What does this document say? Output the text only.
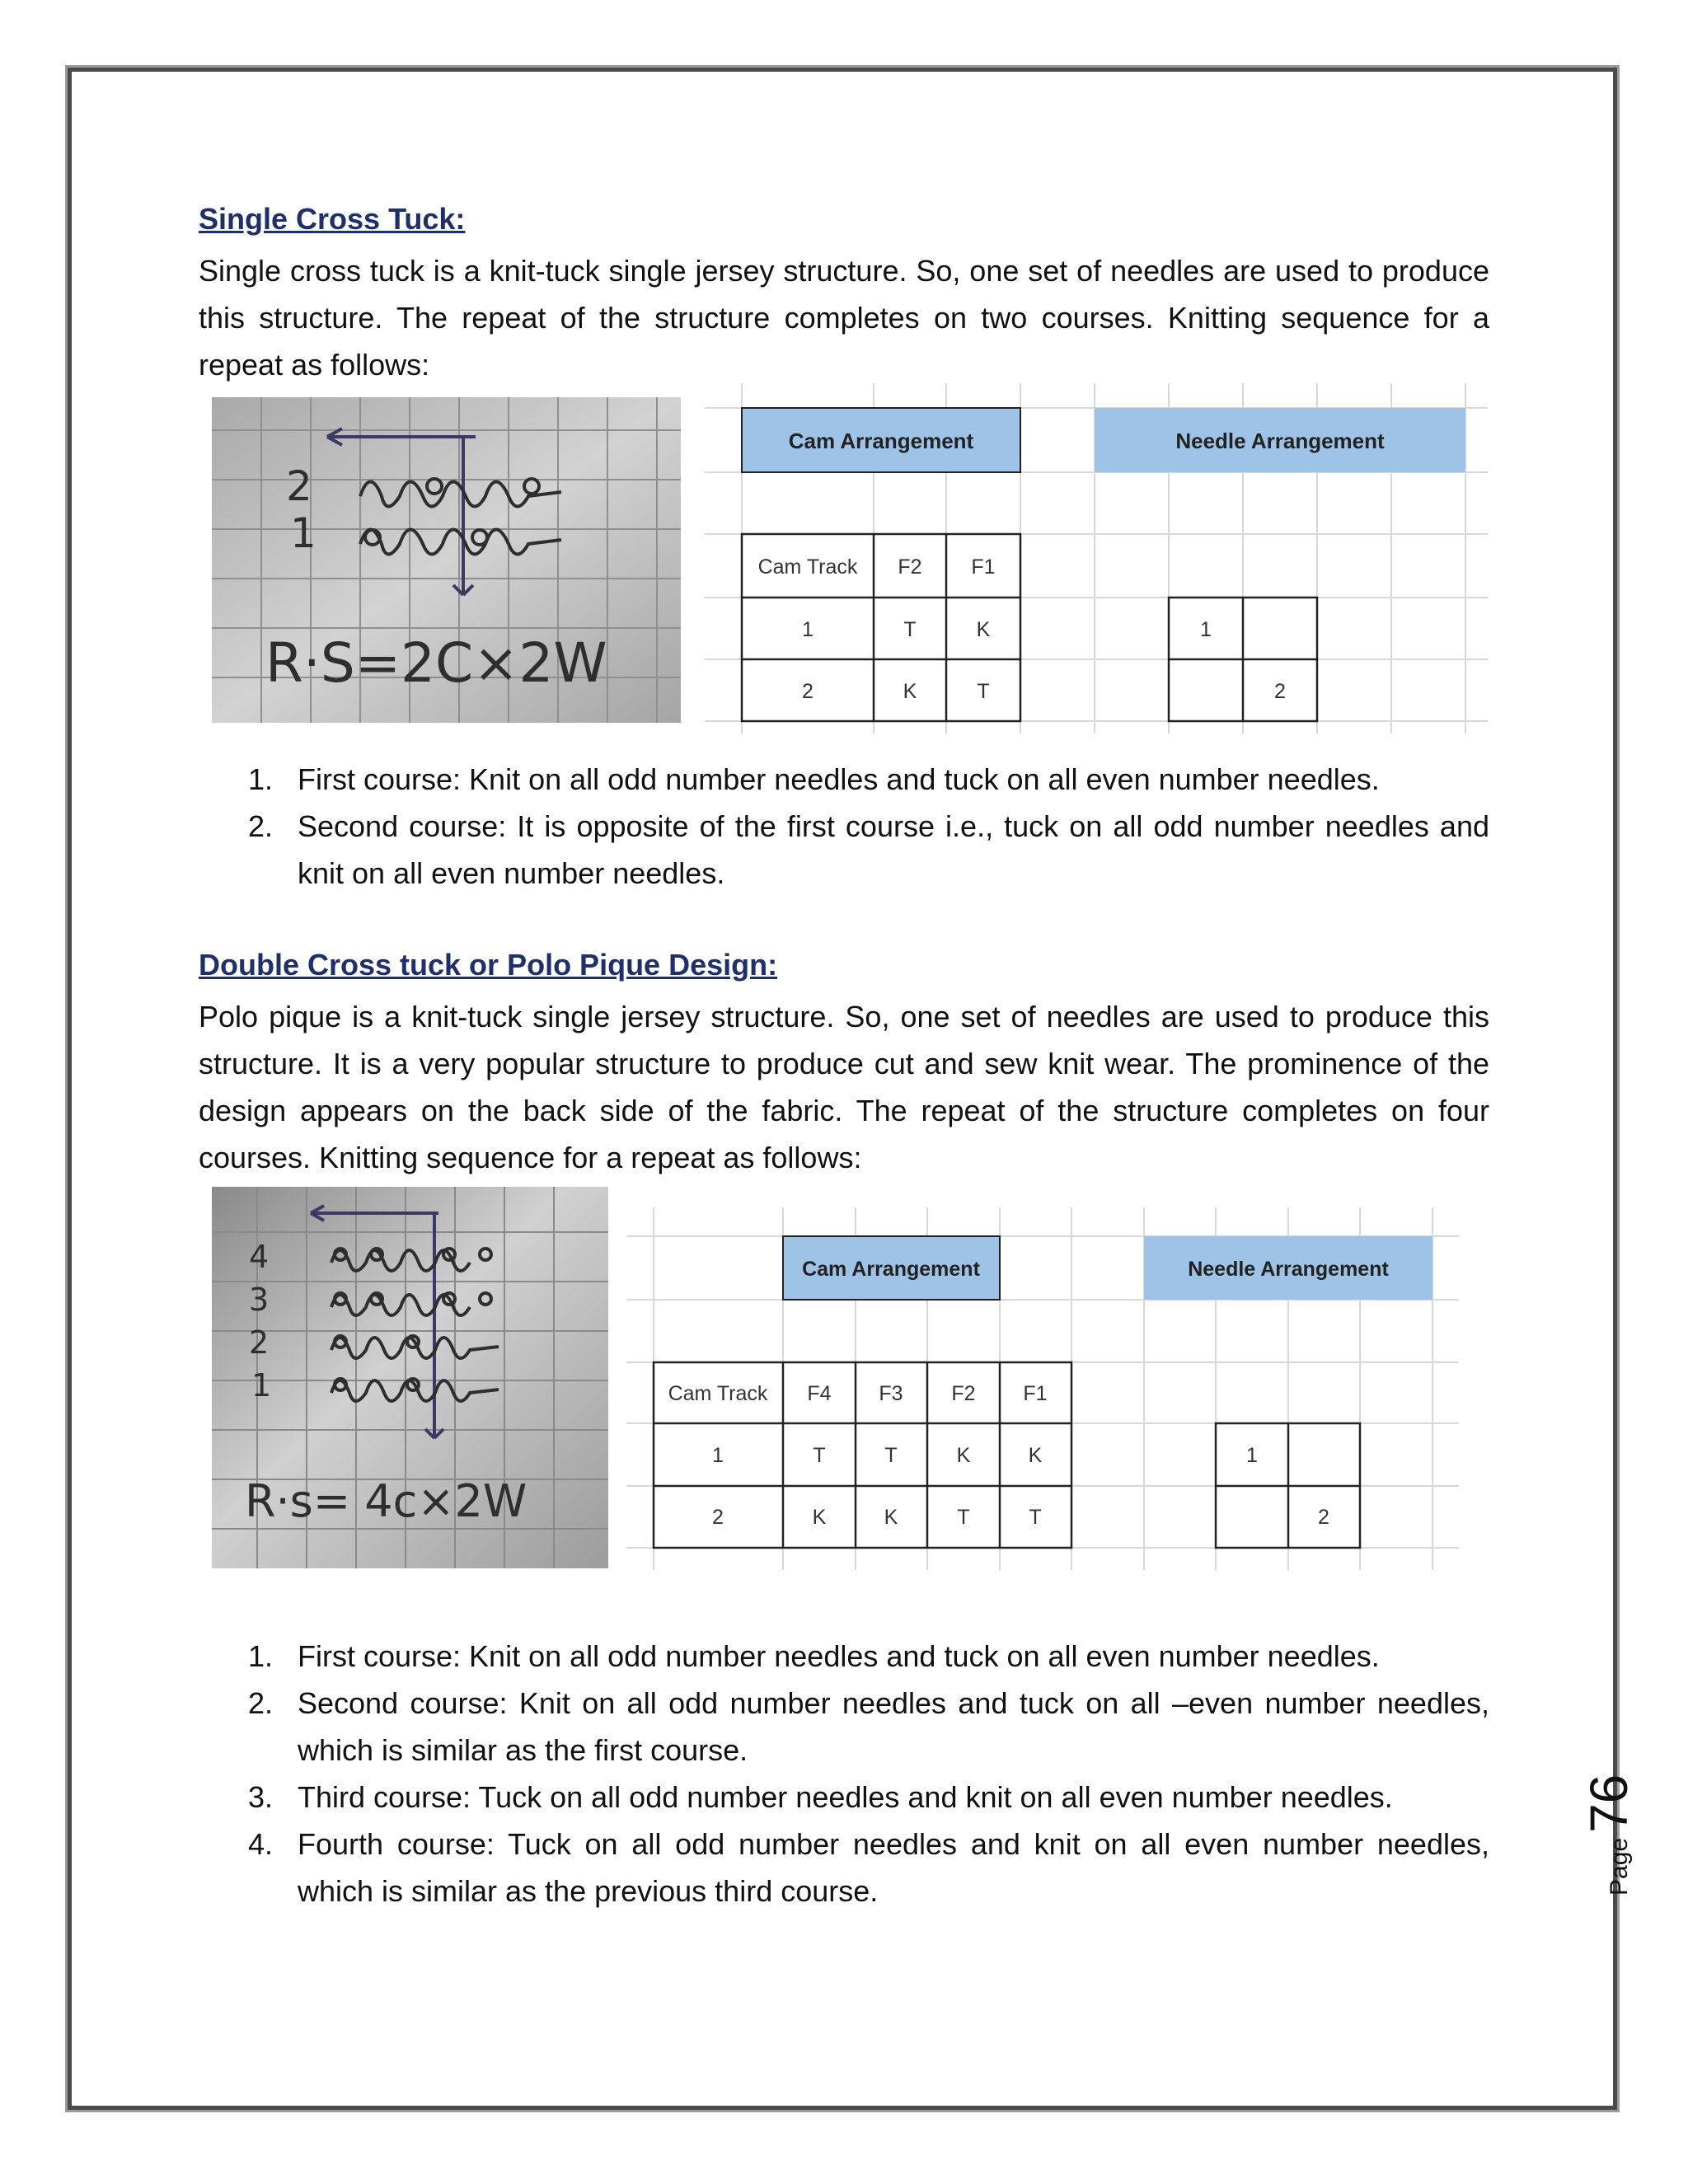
Single Cross Tuck:

Single cross tuck is a knit-tuck single jersey structure. So, one set of needles are used to produce this structure. The repeat of the structure completes on two courses. Knitting sequence for a repeat as follows:

2
1
R·S=2C×2W
Cam Arrangement	Needle Arrangement
Cam Track F2 F1
1	T	K
2	K	T
1
2
1. First course: Knit on all odd number needles and tuck on all even number needles.
2. Second course: It is opposite of the first course i.e., tuck on all odd number needles and knit on all even number needles.

Double Cross tuck or Polo Pique Design:

Polo pique is a knit-tuck single jersey structure. So, one set of needles are used to produce this structure. It is a very popular structure to produce cut and sew knit wear. The prominence of the design appears on the back side of the fabric. The repeat of the structure completes on four courses. Knitting sequence for a repeat as follows:

4
3
2
1
R·s= 4c×2W
Cam Arrangement	Needle Arrangement
Cam Track F4 F3 F2 F1
1	T	T	K	K
2	K	K	T	T
1
2
1. First course: Knit on all odd number needles and tuck on all even number needles.
2. Second course: Knit on all odd number needles and tuck on all –even number needles, which is similar as the first course.
3. Third course: Tuck on all odd number needles and knit on all even number needles.
4. Fourth course: Tuck on all odd number needles and knit on all even number needles, which is similar as the previous third course.	Page
76
